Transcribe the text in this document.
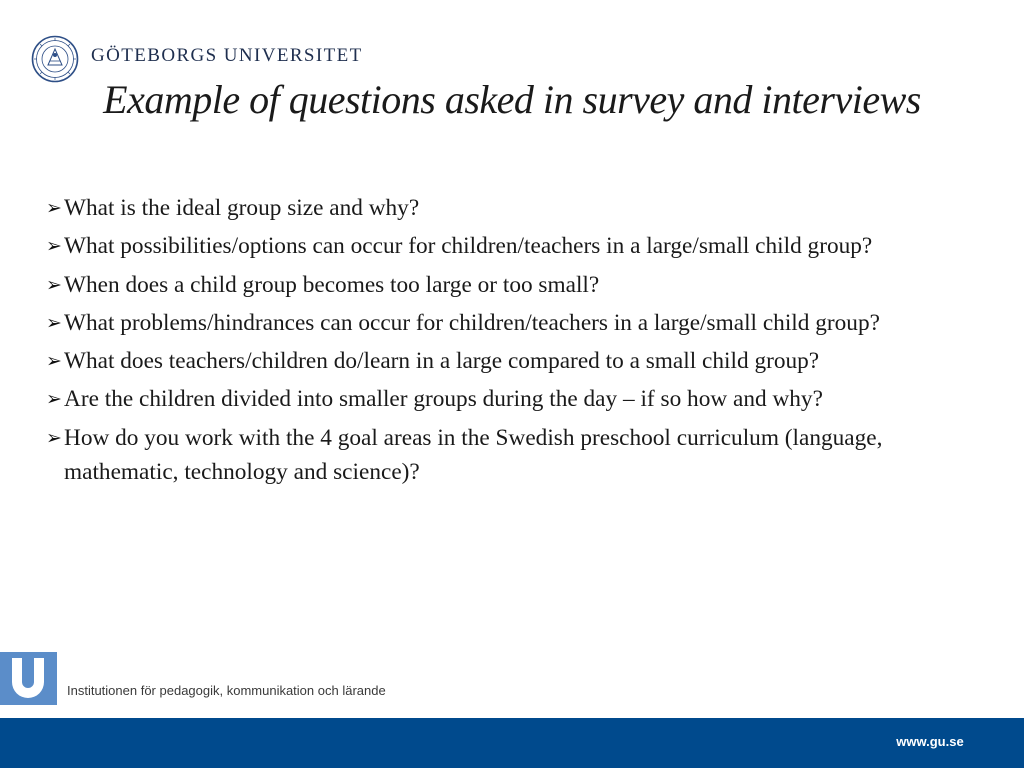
GÖTEBORGS UNIVERSITET
Example of questions asked in survey and interviews
➢ What is the ideal group size and why?
➢ What possibilities/options can occur for children/teachers in a large/small child group?
➢ When does a child group becomes too large or too small?
➢ What problems/hindrances can occur for children/teachers in a large/small child group?
➢ What does teachers/children do/learn in a large compared to a small child group?
➢ Are the children divided into smaller groups during the day – if so how and why?
➢ How do you work with the 4 goal areas in the Swedish preschool curriculum (language, mathematic, technology and science)?
Institutionen för pedagogik, kommunikation och lärande
www.gu.se
